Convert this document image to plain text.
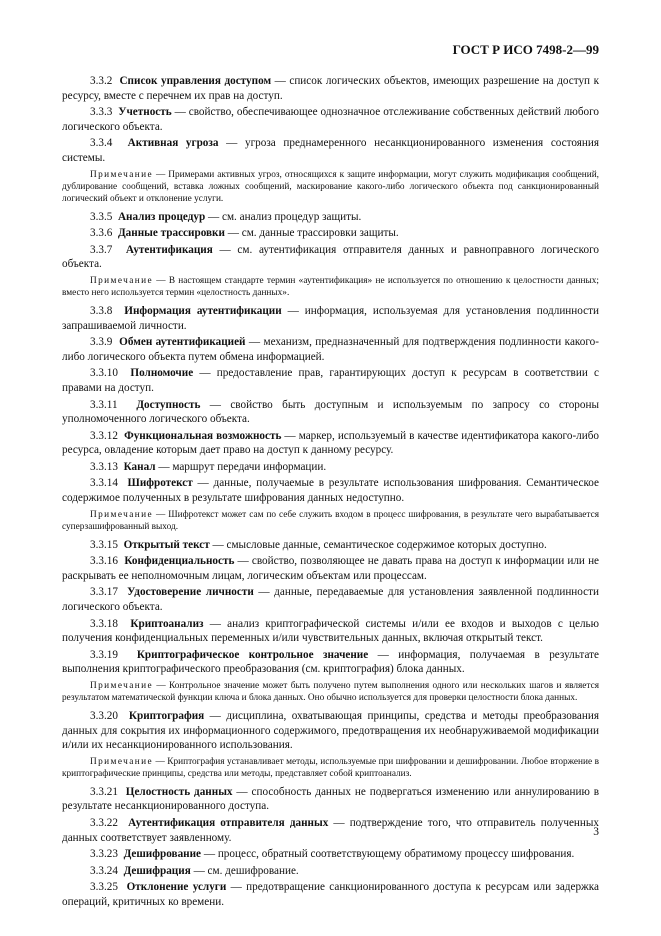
ГОСТ Р ИСО 7498-2—99
3.3.2 Список управления доступом — список логических объектов, имеющих разрешение на доступ к ресурсу, вместе с перечнем их прав на доступ.
3.3.3 Учетность — свойство, обеспечивающее однозначное отслеживание собственных действий любого логического объекта.
3.3.4 Активная угроза — угроза преднамеренного несанкционированного изменения состояния системы.
Примечание — Примерами активных угроз, относящихся к защите информации, могут служить модификация сообщений, дублирование сообщений, вставка ложных сообщений, маскирование какого-либо логического объекта под санкционированный логический объект и отклонение услуги.
3.3.5 Анализ процедур — см. анализ процедур защиты.
3.3.6 Данные трассировки — см. данные трассировки защиты.
3.3.7 Аутентификация — см. аутентификация отправителя данных и равноправного логического объекта.
Примечание — В настоящем стандарте термин «аутентификация» не используется по отношению к целостности данных; вместо него используется термин «целостность данных».
3.3.8 Информация аутентификации — информация, используемая для установления подлинности запрашиваемой личности.
3.3.9 Обмен аутентификацией — механизм, предназначенный для подтверждения подлинности какого-либо логического объекта путем обмена информацией.
3.3.10 Полномочие — предоставление прав, гарантирующих доступ к ресурсам в соответствии с правами на доступ.
3.3.11 Доступность — свойство быть доступным и используемым по запросу со стороны уполномоченного логического объекта.
3.3.12 Функциональная возможность — маркер, используемый в качестве идентификатора какого-либо ресурса, овладение которым дает право на доступ к данному ресурсу.
3.3.13 Канал — маршрут передачи информации.
3.3.14 Шифротекст — данные, получаемые в результате использования шифрования. Семантическое содержимое полученных в результате шифрования данных недоступно.
Примечание — Шифротекст может сам по себе служить входом в процесс шифрования, в результате чего вырабатывается суперзашифрованный выход.
3.3.15 Открытый текст — смысловые данные, семантическое содержимое которых доступно.
3.3.16 Конфиденциальность — свойство, позволяющее не давать права на доступ к информации или не раскрывать ее неполномочным лицам, логическим объектам или процессам.
3.3.17 Удостоверение личности — данные, передаваемые для установления заявленной подлинности логического объекта.
3.3.18 Криптоанализ — анализ криптографической системы и/или ее входов и выходов с целью получения конфиденциальных переменных и/или чувствительных данных, включая открытый текст.
3.3.19 Криптографическое контрольное значение — информация, получаемая в результате выполнения криптографического преобразования (см. криптография) блока данных.
Примечание — Контрольное значение может быть получено путем выполнения одного или нескольких шагов и является результатом математической функции ключа и блока данных. Оно обычно используется для проверки целостности блока данных.
3.3.20 Криптография — дисциплина, охватывающая принципы, средства и методы преобразования данных для сокрытия их информационного содержимого, предотвращения их необнаруживаемой модификации и/или их несанкционированного использования.
Примечание — Криптография устанавливает методы, используемые при шифровании и дешифровании. Любое вторжение в криптографические принципы, средства или методы, представляет собой криптоанализ.
3.3.21 Целостность данных — способность данных не подвергаться изменению или аннулированию в результате несанкционированного доступа.
3.3.22 Аутентификация отправителя данных — подтверждение того, что отправитель полученных данных соответствует заявленному.
3.3.23 Дешифрование — процесс, обратный соответствующему обратимому процессу шифрования.
3.3.24 Дешифрация — см. дешифрование.
3.3.25 Отклонение услуги — предотвращение санкционированного доступа к ресурсам или задержка операций, критичных ко времени.
3
